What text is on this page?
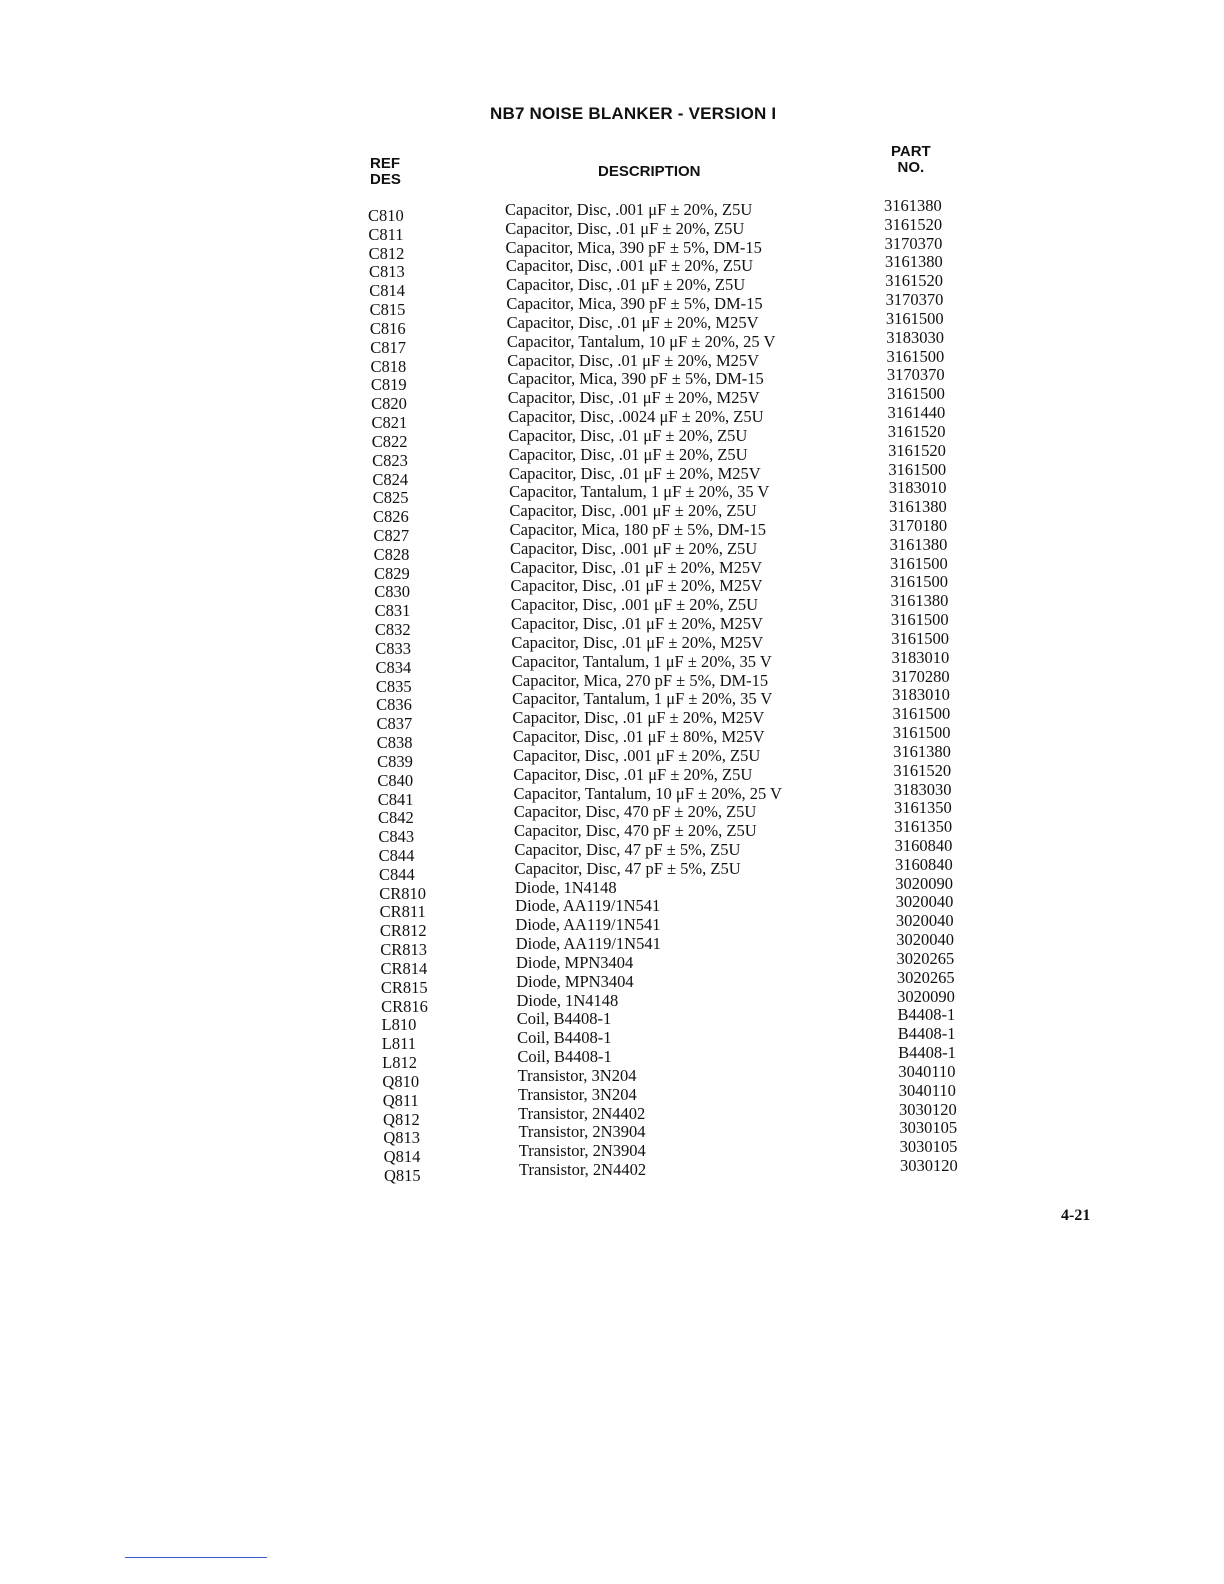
NB7 NOISE BLANKER - VERSION I
REF
DES	DESCRIPTION
PART
NO.
C810	Capacitor, Disc, .001 μF ± 20%, Z5U	3161380
C811	Capacitor, Disc, .01 μF ± 20%, Z5U	3161520
C812	Capacitor, Mica, 390 pF ± 5%, DM-15	3170370
C813	Capacitor, Disc, .001 μF ± 20%, Z5U	3161380
C814	Capacitor, Disc, .01 μF ± 20%, Z5U	3161520
C815	Capacitor, Mica, 390 pF ± 5%, DM-15	3170370
C816	Capacitor, Disc, .01 μF ± 20%, M25V	3161500
C817	Capacitor, Tantalum, 10 μF ± 20%, 25 V	3183030
C818	Capacitor, Disc, .01 μF ± 20%, M25V	3161500
C819	Capacitor, Mica, 390 pF ± 5%, DM-15	3170370
C820	Capacitor, Disc, .01 μF ± 20%, M25V	3161500
C821	Capacitor, Disc, .0024 μF ± 20%, Z5U	3161440
C822	Capacitor, Disc, .01 μF ± 20%, Z5U	3161520
C823	Capacitor, Disc, .01 μF ± 20%, Z5U	3161520
C824	Capacitor, Disc, .01 μF ± 20%, M25V	3161500
C825	Capacitor, Tantalum, 1 μF ± 20%, 35 V	3183010
C826	Capacitor, Disc, .001 μF ± 20%, Z5U	3161380
C827	Capacitor, Mica, 180 pF ± 5%, DM-15	3170180
C828	Capacitor, Disc, .001 μF ± 20%, Z5U	3161380
C829	Capacitor, Disc, .01 μF ± 20%, M25V	3161500
C830	Capacitor, Disc, .01 μF ± 20%, M25V	3161500
C831	Capacitor, Disc, .001 μF ± 20%, Z5U	3161380
C832	Capacitor, Disc, .01 μF ± 20%, M25V	3161500
C833	Capacitor, Disc, .01 μF ± 20%, M25V	3161500
C834	Capacitor, Tantalum, 1 μF ± 20%, 35 V	3183010
C835	Capacitor, Mica, 270 pF ± 5%, DM-15	3170280
C836	Capacitor, Tantalum, 1 μF ± 20%, 35 V	3183010
C837	Capacitor, Disc, .01 μF ± 20%, M25V	3161500
C838	Capacitor, Disc, .01 μF ± 80%, M25V	3161500
C839	Capacitor, Disc, .001 μF ± 20%, Z5U	3161380
C840	Capacitor, Disc, .01 μF ± 20%, Z5U	3161520
C841	Capacitor, Tantalum, 10 μF ± 20%, 25 V	3183030
C842	Capacitor, Disc, 470 pF ± 20%, Z5U	3161350
C843	Capacitor, Disc, 470 pF ± 20%, Z5U	3161350
C844	Capacitor, Disc, 47 pF ± 5%, Z5U	3160840
C844	Capacitor, Disc, 47 pF ± 5%, Z5U	3160840
CR810	Diode, 1N4148	3020090
CR811	Diode, AA119/1N541	3020040
CR812	Diode, AA119/1N541	3020040
CR813	Diode, AA119/1N541	3020040
CR814	Diode, MPN3404	3020265
CR815	Diode, MPN3404	3020265
CR816	Diode, 1N4148	3020090
L810	Coil, B4408-1	B4408-1
L811	Coil, B4408-1	B4408-1
L812	Coil, B4408-1	B4408-1
Q810	Transistor, 3N204	3040110
Q811	Transistor, 3N204	3040110
Q812	Transistor, 2N4402	3030120
Q813	Transistor, 2N3904	3030105
Q814	Transistor, 2N3904	3030105
Q815	Transistor, 2N4402	3030120
4-21
